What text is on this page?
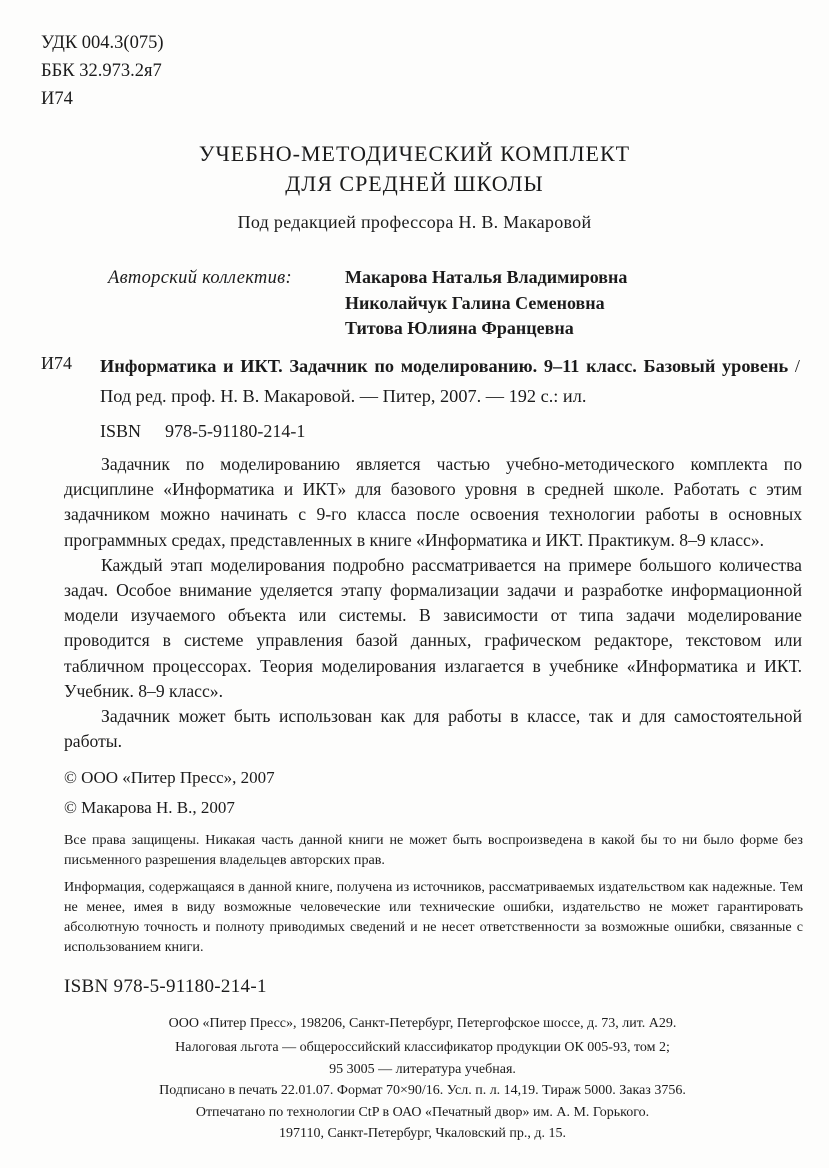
УДК 004.3(075)
ББК 32.973.2я7
И74
УЧЕБНО-МЕТОДИЧЕСКИЙ КОМПЛЕКТ
ДЛЯ СРЕДНЕЙ ШКОЛЫ
Под редакцией профессора Н. В. Макаровой
Авторский коллектив:	Макарова Наталья Владимировна
Николайчук Галина Семеновна
Титова Юлияна Францевна
И74 Информатика и ИКТ. Задачник по моделированию. 9–11 класс. Базовый уровень / Под ред. проф. Н. В. Макаровой. — Питер, 2007. — 192 с.: ил.
ISBN 978-5-91180-214-1

Задачник по моделированию является частью учебно-методического комплекта по дисциплине «Информатика и ИКТ» для базового уровня в средней школе. Работать с этим задачником можно начинать с 9-го класса после освоения технологии работы в основных программных средах, представленных в книге «Информатика и ИКТ. Практикум. 8–9 класс».

Каждый этап моделирования подробно рассматривается на примере большого количества задач. Особое внимание уделяется этапу формализации задачи и разработке информационной модели изучаемого объекта или системы. В зависимости от типа задачи моделирование проводится в системе управления базой данных, графическом редакторе, текстовом или табличном процессорах. Теория моделирования излагается в учебнике «Информатика и ИКТ. Учебник. 8–9 класс».

Задачник может быть использован как для работы в классе, так и для самостоятельной работы.

© ООО «Питер Пресс», 2007
© Макарова Н. В., 2007

Все права защищены. Никакая часть данной книги не может быть воспроизведена в какой бы то ни было форме без письменного разрешения владельцев авторских прав.

Информация, содержащаяся в данной книге, получена из источников, рассматриваемых издательством как надежные. Тем не менее, имея в виду возможные человеческие или технические ошибки, издательство не может гарантировать абсолютную точность и полноту приводимых сведений и не несет ответственности за возможные ошибки, связанные с использованием книги.

ISBN 978-5-91180-214-1
ООО «Питер Пресс», 198206, Санкт-Петербург, Петергофское шоссе, д. 73, лит. А29.
Налоговая льгота — общероссийский классификатор продукции ОК 005-93, том 2;
95 3005 — литература учебная.
Подписано в печать 22.01.07. Формат 70×90/16. Усл. п. л. 14,19. Тираж 5000. Заказ 3756.
Отпечатано по технологии CtP в ОАО «Печатный двор» им. А. М. Горького.
197110, Санкт-Петербург, Чкаловский пр., д. 15.
